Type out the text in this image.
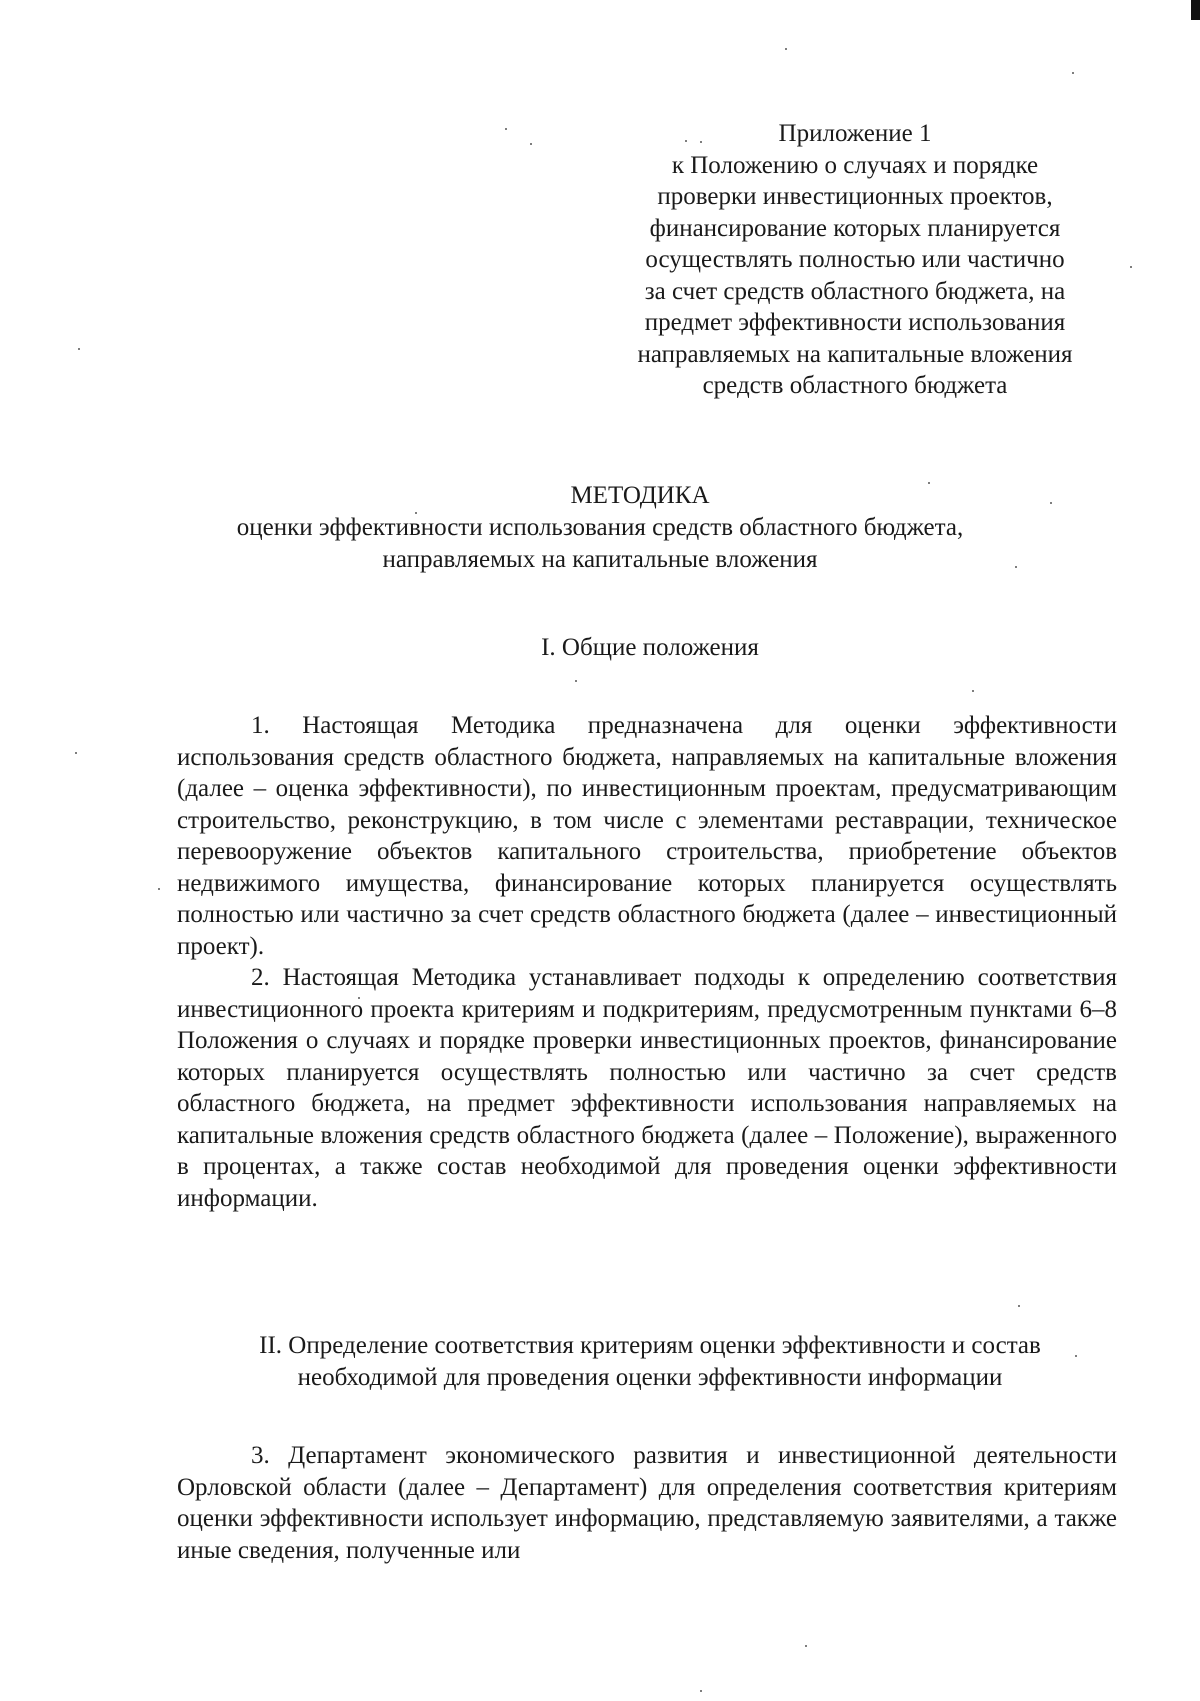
Приложение 1
к Положению о случаях и порядке
проверки инвестиционных проектов,
финансирование которых планируется
осуществлять полностью или частично
за счет средств областного бюджета, на
предмет эффективности использования
направляемых на капитальные вложения
средств областного бюджета
МЕТОДИКА
оценки эффективности использования средств областного бюджета,
направляемых на капитальные вложения
I. Общие положения

1. Настоящая Методика предназначена для оценки эффективности использования средств областного бюджета, направляемых на капитальные вложения (далее – оценка эффективности), по инвестиционным проектам, предусматривающим строительство, реконструкцию, в том числе с элементами реставрации, техническое перевооружение объектов капитального строительства, приобретение объектов недвижимого имущества, финансирование которых планируется осуществлять полностью или частично за счет средств областного бюджета (далее – инвестиционный проект).

2. Настоящая Методика устанавливает подходы к определению соответствия инвестиционного проекта критериям и подкритериям, предусмотренным пунктами 6–8 Положения о случаях и порядке проверки инвестиционных проектов, финансирование которых планируется осуществлять полностью или частично за счет средств областного бюджета, на предмет эффективности использования направляемых на капитальные вложения средств областного бюджета (далее – Положение), выраженного в процентах, а также состав необходимой для проведения оценки эффективности информации.

II. Определение соответствия критериям оценки эффективности и состав
необходимой для проведения оценки эффективности информации

3. Департамент экономического развития и инвестиционной деятельности Орловской области (далее – Департамент) для определения соответствия критериям оценки эффективности использует информацию, представляемую заявителями, а также иные сведения, полученные или
